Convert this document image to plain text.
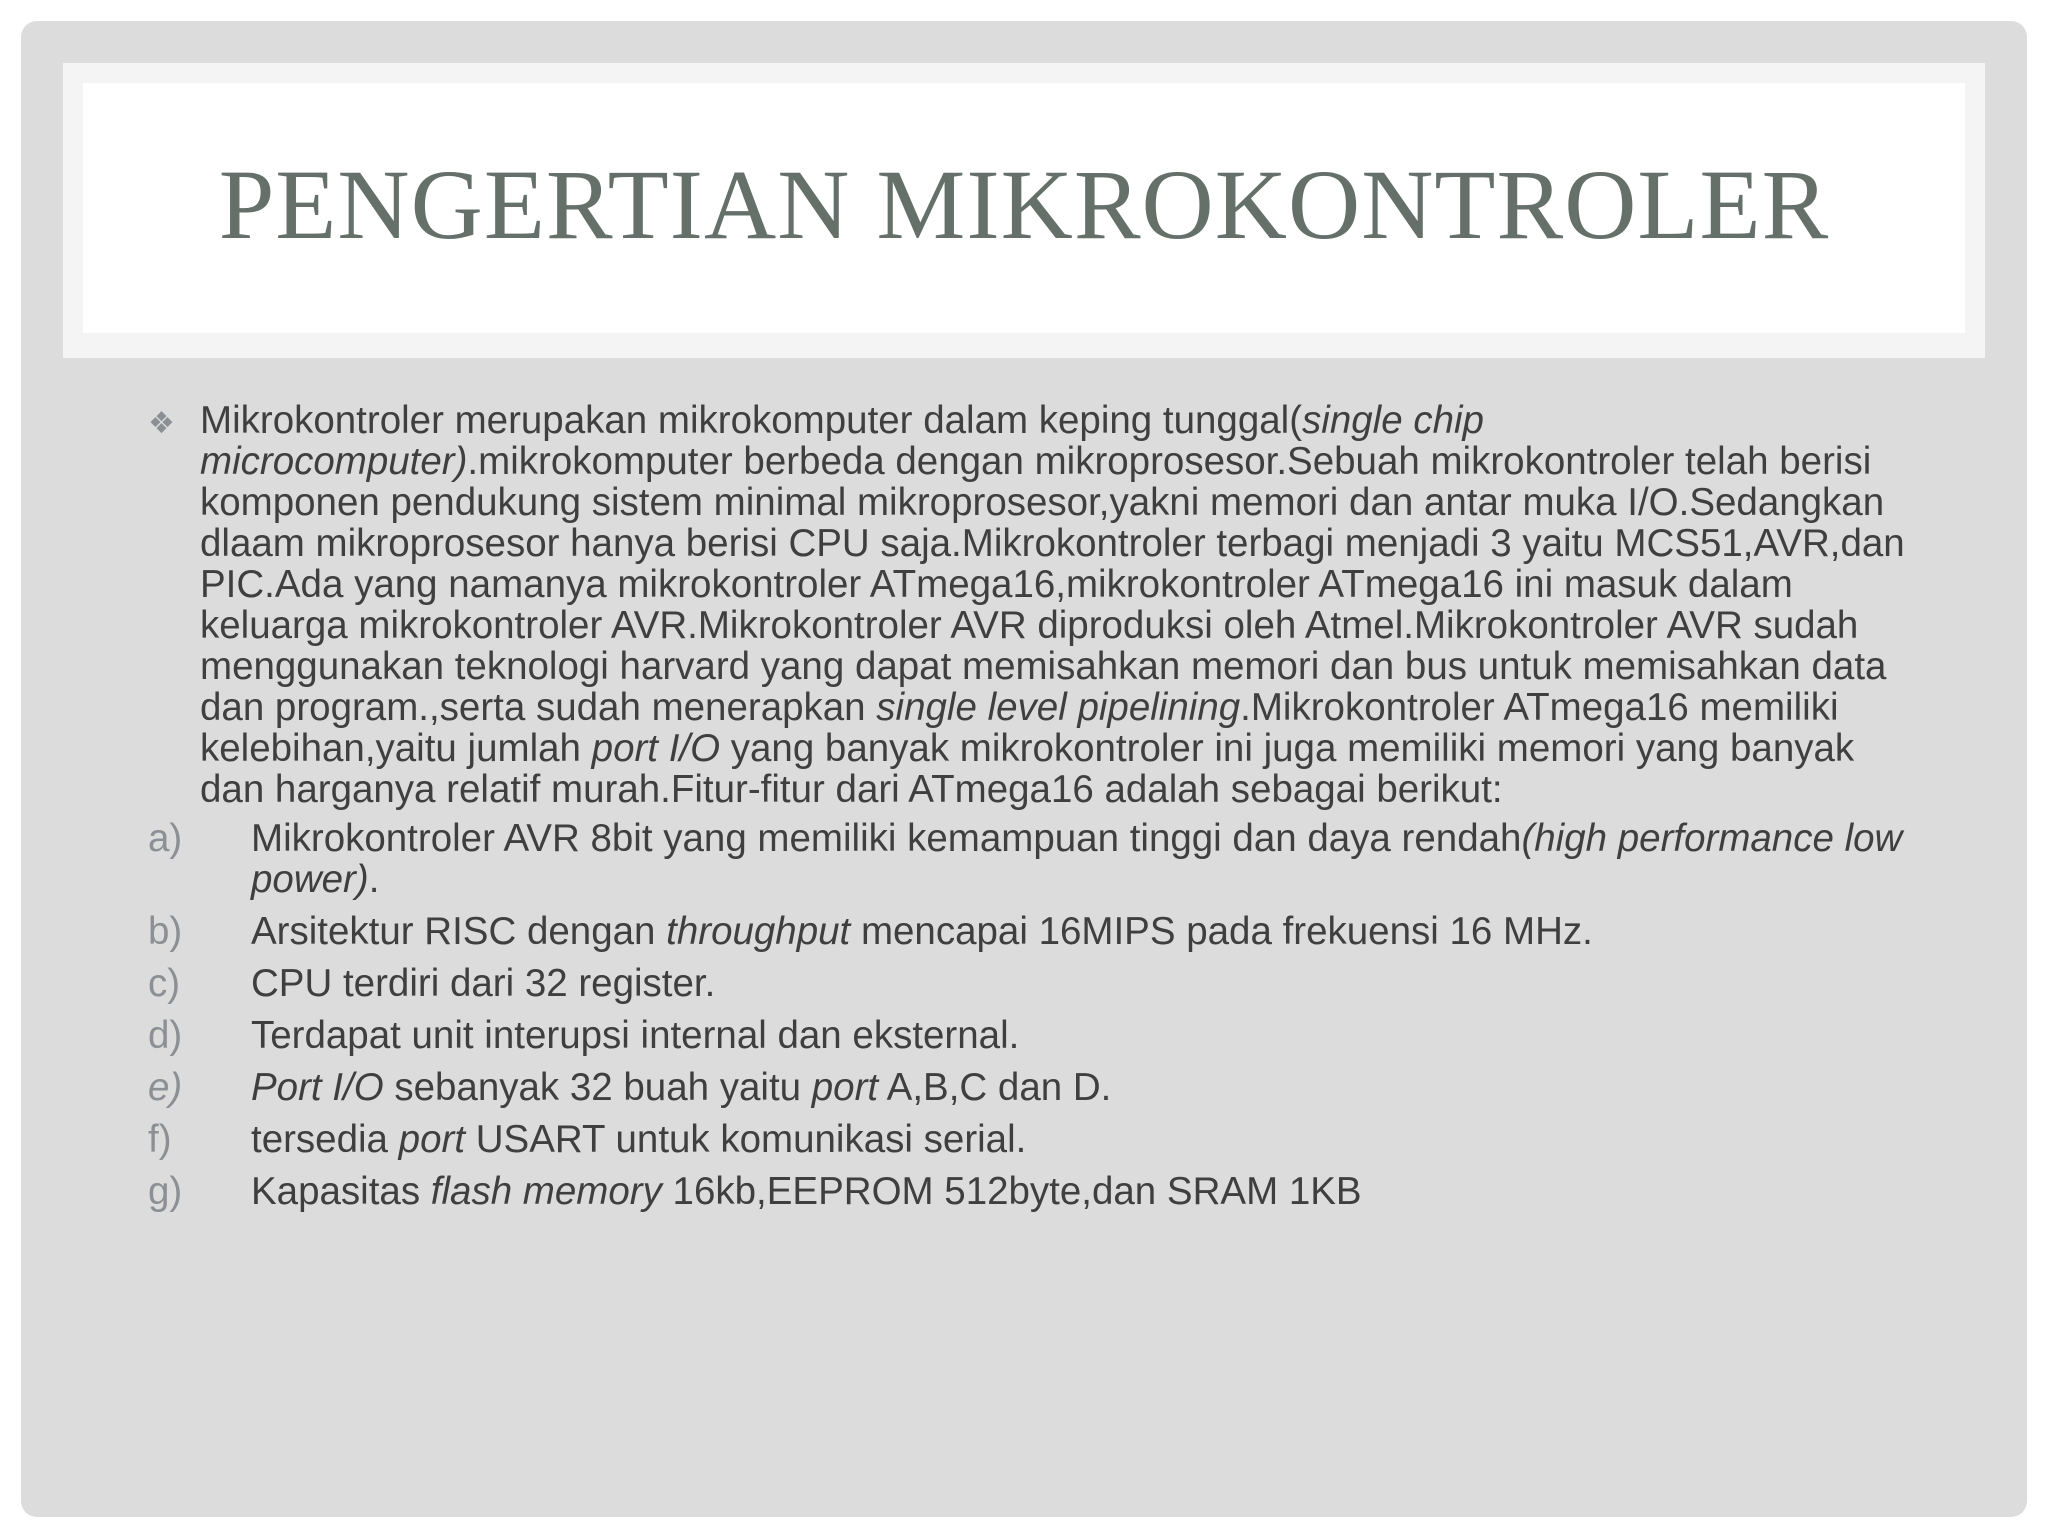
PENGERTIAN MIKROKONTROLER
❖ Mikrokontroler merupakan mikrokomputer dalam keping tunggal(single chip microcomputer).mikrokomputer berbeda dengan mikroprosesor.Sebuah mikrokontroler telah berisi komponen pendukung sistem minimal mikroprosesor,yakni memori dan antar muka I/O.Sedangkan dlaam mikroprosesor hanya berisi CPU saja.Mikrokontroler terbagi menjadi 3 yaitu MCS51,AVR,dan PIC.Ada yang namanya mikrokontroler ATmega16,mikrokontroler ATmega16 ini masuk dalam keluarga mikrokontroler AVR.Mikrokontroler AVR diproduksi oleh Atmel.Mikrokontroler AVR sudah menggunakan teknologi harvard yang dapat memisahkan memori dan bus untuk memisahkan data dan program.,serta sudah menerapkan single level pipelining.Mikrokontroler ATmega16 memiliki kelebihan,yaitu jumlah port I/O yang banyak mikrokontroler ini juga memiliki memori yang banyak dan harganya relatif murah.Fitur-fitur dari ATmega16 adalah sebagai berikut:
a) Mikrokontroler AVR 8bit yang memiliki kemampuan tinggi dan daya rendah(high performance low power).
b) Arsitektur RISC dengan throughput mencapai 16MIPS pada frekuensi 16 MHz.
c) CPU terdiri dari 32 register.
d) Terdapat unit interupsi internal dan eksternal.
e) Port I/O sebanyak 32 buah yaitu port A,B,C dan D.
f) tersedia port USART untuk komunikasi serial.
g) Kapasitas flash memory 16kb,EEPROM 512byte,dan SRAM 1KB
